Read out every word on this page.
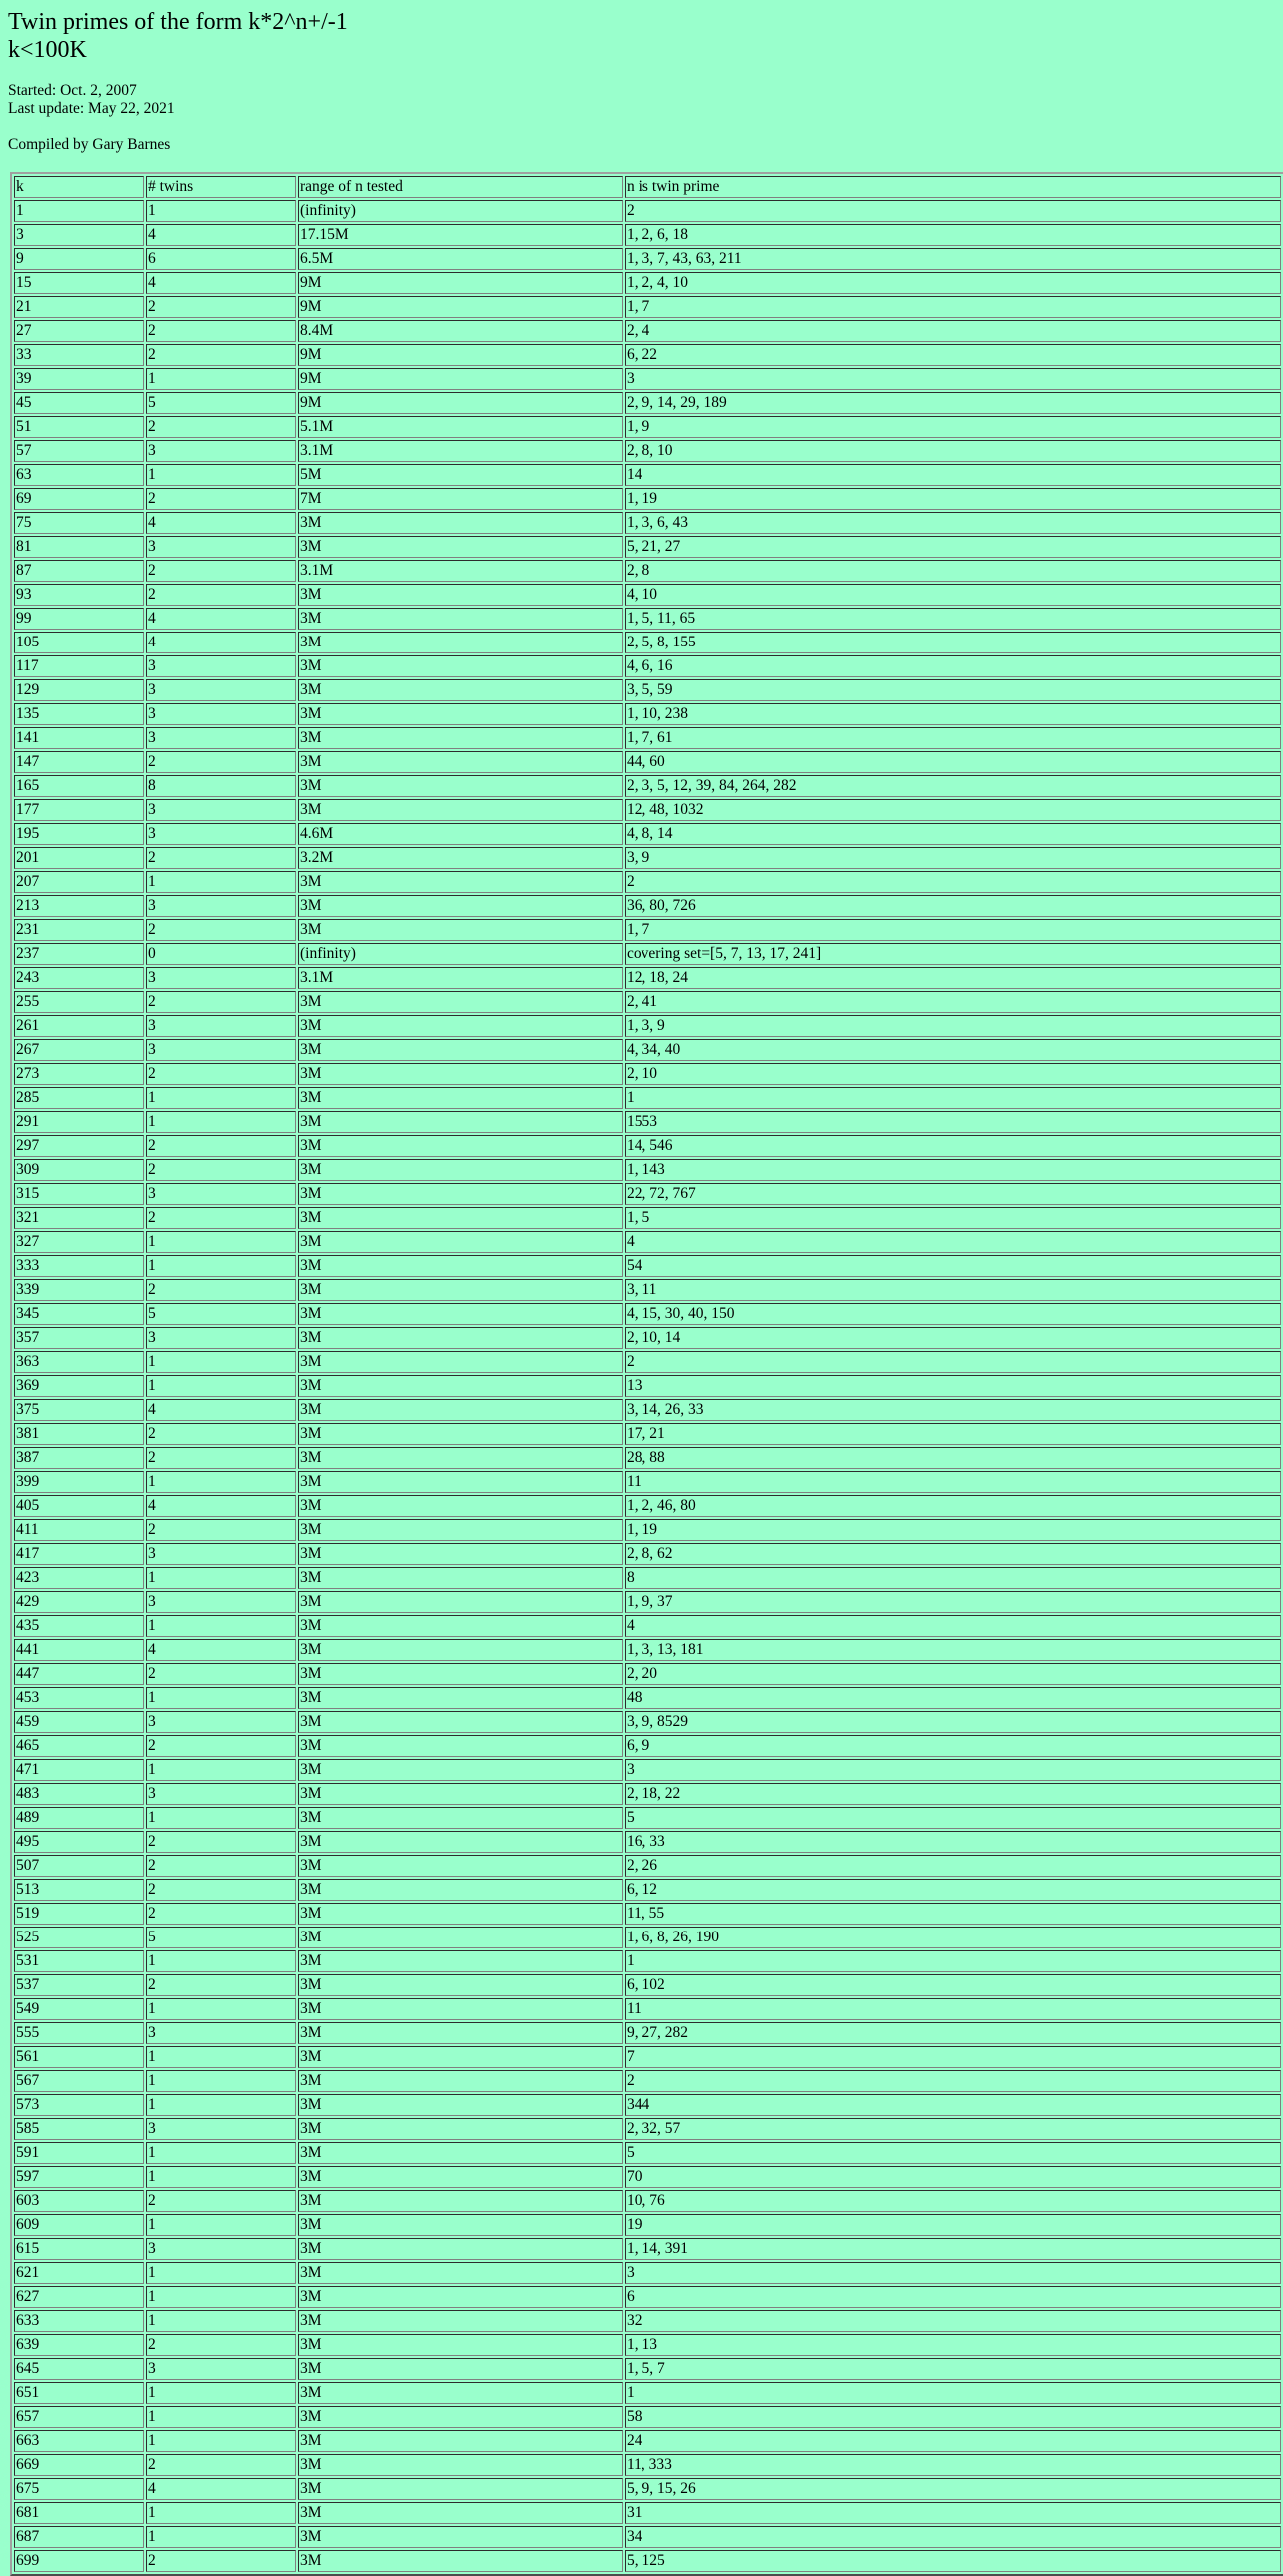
Twin primes of the form k*2^n+/-1
k<100K

Started: Oct. 2, 2007

Last update: May 22, 2021

Compiled by Gary Barnes

k	# twins	range of n tested	n is twin prime
1	1	(infinity)	2
3	4	17.15M	1, 2, 6, 18
9	6	6.5M	1, 3, 7, 43, 63, 211
15	4	9M	1, 2, 4, 10
21	2	9M	1, 7
27	2	8.4M	2, 4
33	2	9M	6, 22
39	1	9M	3
45	5	9M	2, 9, 14, 29, 189
51	2	5.1M	1, 9
57	3	3.1M	2, 8, 10
63	1	5M	14
69	2	7M	1, 19
75	4	3M	1, 3, 6, 43
81	3	3M	5, 21, 27
87	2	3.1M	2, 8
93	2	3M	4, 10
99	4	3M	1, 5, 11, 65
105	4	3M	2, 5, 8, 155
117	3	3M	4, 6, 16
129	3	3M	3, 5, 59
135	3	3M	1, 10, 238
141	3	3M	1, 7, 61
147	2	3M	44, 60
165	8	3M	2, 3, 5, 12, 39, 84, 264, 282
177	3	3M	12, 48, 1032
195	3	4.6M	4, 8, 14
201	2	3.2M	3, 9
207	1	3M	2
213	3	3M	36, 80, 726
231	2	3M	1, 7
237	0	(infinity)	covering set=[5, 7, 13, 17, 241]
243	3	3.1M	12, 18, 24
255	2	3M	2, 41
261	3	3M	1, 3, 9
267	3	3M	4, 34, 40
273	2	3M	2, 10
285	1	3M	1
291	1	3M	1553
297	2	3M	14, 546
309	2	3M	1, 143
315	3	3M	22, 72, 767
321	2	3M	1, 5
327	1	3M	4
333	1	3M	54
339	2	3M	3, 11
345	5	3M	4, 15, 30, 40, 150
357	3	3M	2, 10, 14
363	1	3M	2
369	1	3M	13
375	4	3M	3, 14, 26, 33
381	2	3M	17, 21
387	2	3M	28, 88
399	1	3M	11
405	4	3M	1, 2, 46, 80
411	2	3M	1, 19
417	3	3M	2, 8, 62
423	1	3M	8
429	3	3M	1, 9, 37
435	1	3M	4
441	4	3M	1, 3, 13, 181
447	2	3M	2, 20
453	1	3M	48
459	3	3M	3, 9, 8529
465	2	3M	6, 9
471	1	3M	3
483	3	3M	2, 18, 22
489	1	3M	5
495	2	3M	16, 33
507	2	3M	2, 26
513	2	3M	6, 12
519	2	3M	11, 55
525	5	3M	1, 6, 8, 26, 190
531	1	3M	1
537	2	3M	6, 102
549	1	3M	11
555	3	3M	9, 27, 282
561	1	3M	7
567	1	3M	2
573	1	3M	344
585	3	3M	2, 32, 57
591	1	3M	5
597	1	3M	70
603	2	3M	10, 76
609	1	3M	19
615	3	3M	1, 14, 391
621	1	3M	3
627	1	3M	6
633	1	3M	32
639	2	3M	1, 13
645	3	3M	1, 5, 7
651	1	3M	1
657	1	3M	58
663	1	3M	24
669	2	3M	11, 333
675	4	3M	5, 9, 15, 26
681	1	3M	31
687	1	3M	34
699	2	3M	5, 125
